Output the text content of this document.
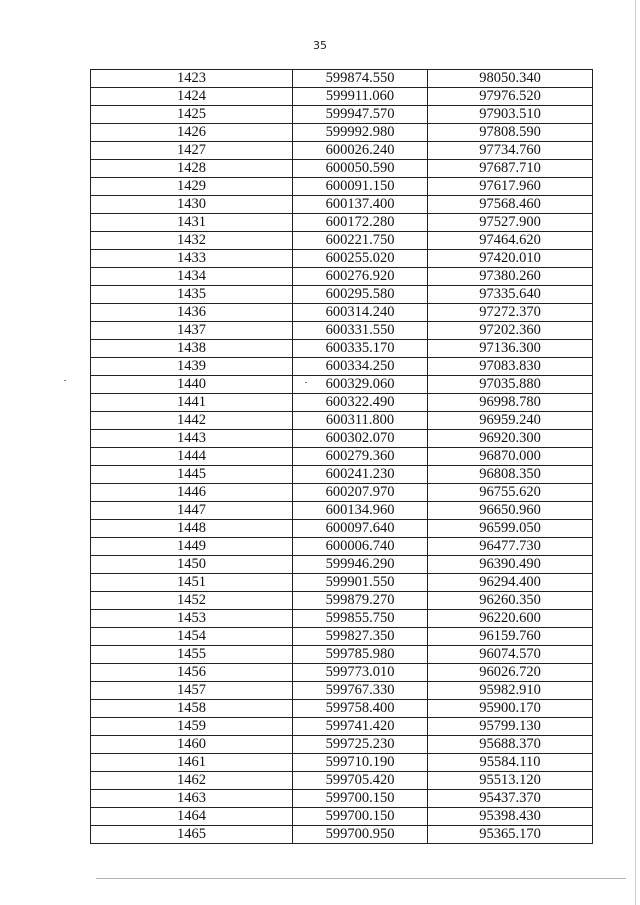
35
1423	599874.550	98050.340
1424	599911.060	97976.520
1425	599947.570	97903.510
1426	599992.980	97808.590
1427	600026.240	97734.760
1428	600050.590	97687.710
1429	600091.150	97617.960
1430	600137.400	97568.460
1431	600172.280	97527.900
1432	600221.750	97464.620
1433	600255.020	97420.010
1434	600276.920	97380.260
1435	600295.580	97335.640
1436	600314.240	97272.370
1437	600331.550	97202.360
1438	600335.170	97136.300
1439	600334.250	97083.830
1440	600329.060	97035.880
1441	600322.490	96998.780
1442	600311.800	96959.240
1443	600302.070	96920.300
1444	600279.360	96870.000
1445	600241.230	96808.350
1446	600207.970	96755.620
1447	600134.960	96650.960
1448	600097.640	96599.050
1449	600006.740	96477.730
1450	599946.290	96390.490
1451	599901.550	96294.400
1452	599879.270	96260.350
1453	599855.750	96220.600
1454	599827.350	96159.760
1455	599785.980	96074.570
1456	599773.010	96026.720
1457	599767.330	95982.910
1458	599758.400	95900.170
1459	599741.420	95799.130
1460	599725.230	95688.370
1461	599710.190	95584.110
1462	599705.420	95513.120
1463	599700.150	95437.370
1464	599700.150	95398.430
1465	599700.950	95365.170
